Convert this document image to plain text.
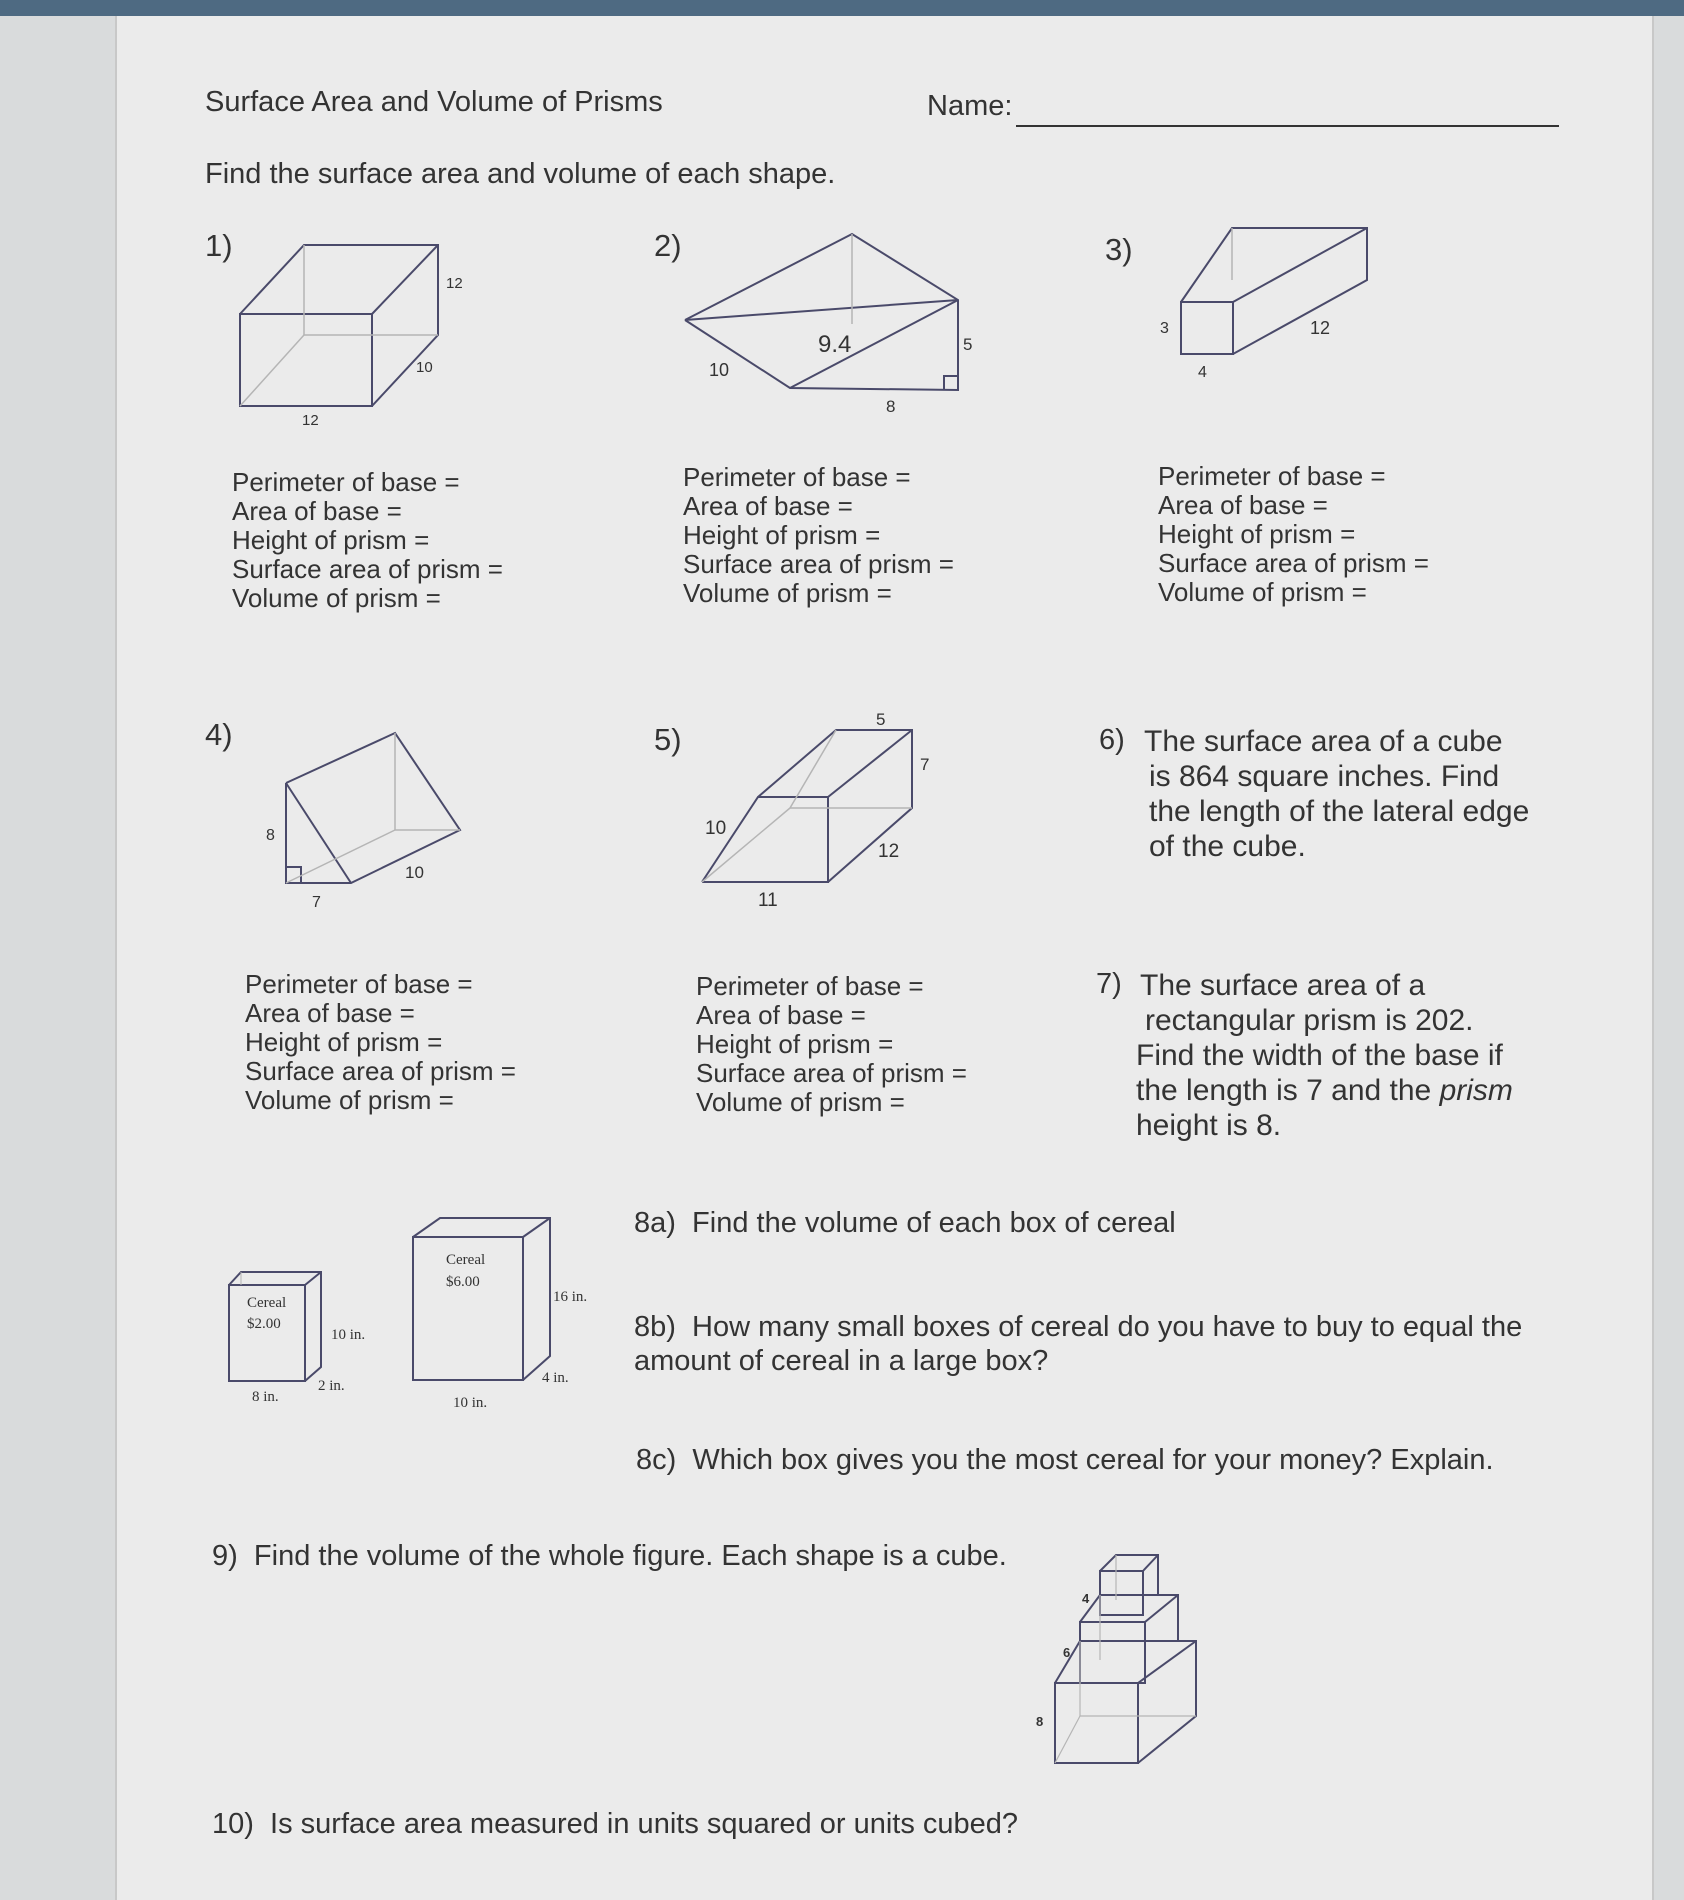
Surface Area and Volume of Prisms	Name:
Find the surface area and volume of each shape.
1)	2)	3)
4)	5)
12
10
12
9.4
10
5
8
3
4
12
8
7
10
5
7
10
12
11
Cereal
$2.00
10 in.
2 in.
8 in.
Cereal
$6.00
16 in.
4 in.
10 in.
4
6
8
Perimeter of base =
Area of base =
Height of prism =
Surface area of prism =
Volume of prism =
Perimeter of base =
Area of base =
Height of prism =
Surface area of prism =
Volume of prism =
Perimeter of base =
Area of base =
Height of prism =
Surface area of prism =
Volume of prism =
Perimeter of base =
Area of base =
Height of prism =
Surface area of prism =
Volume of prism =
Perimeter of base =
Area of base =
Height of prism =
Surface area of prism =
Volume of prism =
6) The surface area of a cube
is 864 square inches. Find
the length of the lateral edge
of the cube.
7) The surface area of a
rectangular prism is 202.
Find the width of the base if
the length is 7 and the prism
height is 8.
8a) Find the volume of each box of cereal
8b) How many small boxes of cereal do you have to buy to equal the
amount of cereal in a large box?
8c) Which box gives you the most cereal for your money? Explain.
9) Find the volume of the whole figure. Each shape is a cube.
10) Is surface area measured in units squared or units cubed?
